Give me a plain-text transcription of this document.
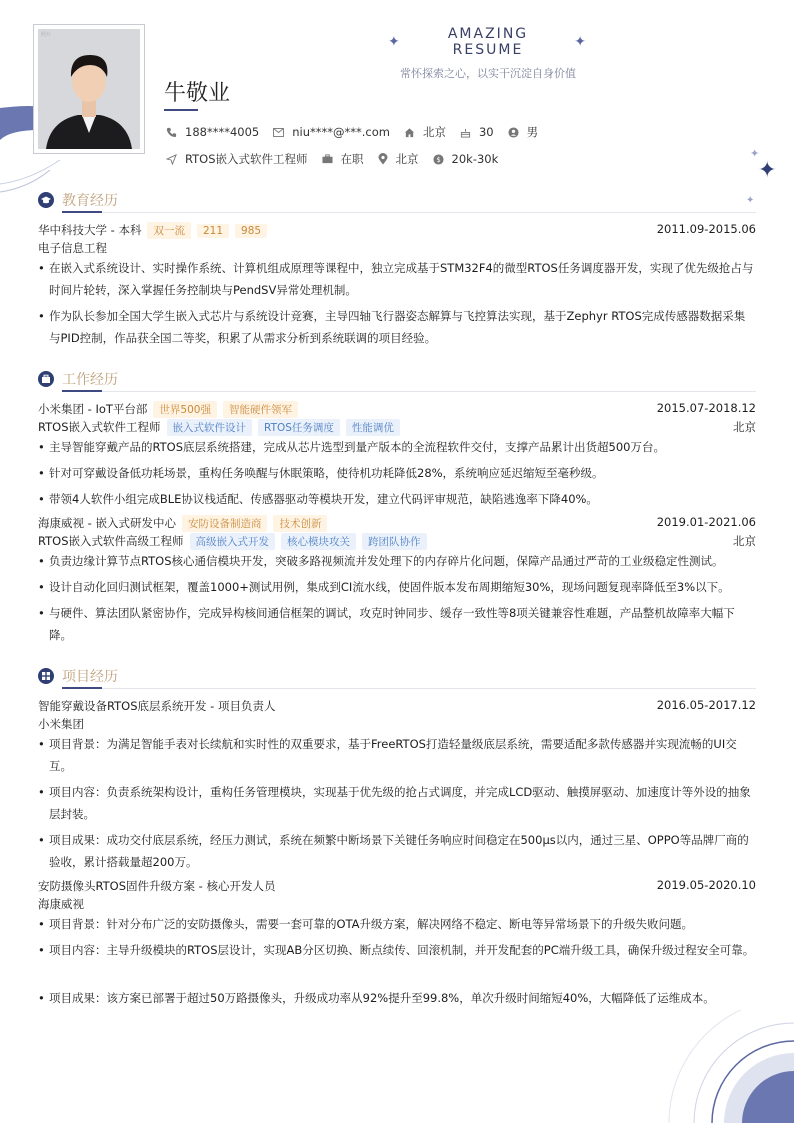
✦
✦
✦
照片	✦	AMAZING RESUME	✦
常怀探索之心，以实干沉淀自身价值
牛敬业
188****4005	niu****@***.com	北京	30	男
RTOS嵌入式软件工程师	在职	北京 $ 20k-30k
教育经历
华中科技大学 - 本科 双一流 211 985	2011.09-2015.06
电子信息工程
• 在嵌入式系统设计、实时操作系统、计算机组成原理等课程中，独立完成基于STM32F4的微型RTOS任务调度器开发，实现了优先级抢占与时间片轮转，深入掌握任务控制块与PendSV异常处理机制。
• 作为队长参加全国大学生嵌入式芯片与系统设计竞赛，主导四轴飞行器姿态解算与飞控算法实现，基于Zephyr RTOS完成传感器数据采集与PID控制，作品获全国二等奖，积累了从需求分析到系统联调的项目经验。
工作经历
小米集团 - IoT平台部 世界500强 智能硬件领军	2015.07-2018.12
RTOS嵌入式软件工程师 嵌入式软件设计 RTOS任务调度 性能调优	北京
• 主导智能穿戴产品的RTOS底层系统搭建，完成从芯片选型到量产版本的全流程软件交付，支撑产品累计出货超500万台。
• 针对可穿戴设备低功耗场景，重构任务唤醒与休眠策略，使待机功耗降低28%，系统响应延迟缩短至毫秒级。
• 带领4人软件小组完成BLE协议栈适配、传感器驱动等模块开发，建立代码评审规范，缺陷逃逸率下降40%。
海康威视 - 嵌入式研发中心 安防设备制造商 技术创新	2019.01-2021.06
RTOS嵌入式软件高级工程师 高级嵌入式开发 核心模块攻关 跨团队协作	北京
• 负责边缘计算节点RTOS核心通信模块开发，突破多路视频流并发处理下的内存碎片化问题，保障产品通过严苛的工业级稳定性测试。
• 设计自动化回归测试框架，覆盖1000+测试用例，集成到CI流水线，使固件版本发布周期缩短30%，现场问题复现率降低至3%以下。
• 与硬件、算法团队紧密协作，完成异构核间通信框架的调试，攻克时钟同步、缓存一致性等8项关键兼容性难题，产品整机故障率大幅下降。
项目经历
智能穿戴设备RTOS底层系统开发 - 项目负责人	2016.05-2017.12
小米集团
• 项目背景：为满足智能手表对长续航和实时性的双重要求，基于FreeRTOS打造轻量级底层系统，需要适配多款传感器并实现流畅的UI交互。
• 项目内容：负责系统架构设计，重构任务管理模块，实现基于优先级的抢占式调度，并完成LCD驱动、触摸屏驱动、加速度计等外设的抽象层封装。
• 项目成果：成功交付底层系统，经压力测试，系统在频繁中断场景下关键任务响应时间稳定在500μs以内，通过三星、OPPO等品牌厂商的验收，累计搭载量超200万。
安防摄像头RTOS固件升级方案 - 核心开发人员	2019.05-2020.10
海康威视
• 项目背景：针对分布广泛的安防摄像头，需要一套可靠的OTA升级方案，解决网络不稳定、断电等异常场景下的升级失败问题。
• 项目内容：主导升级模块的RTOS层设计，实现AB分区切换、断点续传、回滚机制，并开发配套的PC端升级工具，确保升级过程安全可靠。
• 项目成果：该方案已部署于超过50万路摄像头，升级成功率从92%提升至99.8%，单次升级时间缩短40%，大幅降低了运维成本。
